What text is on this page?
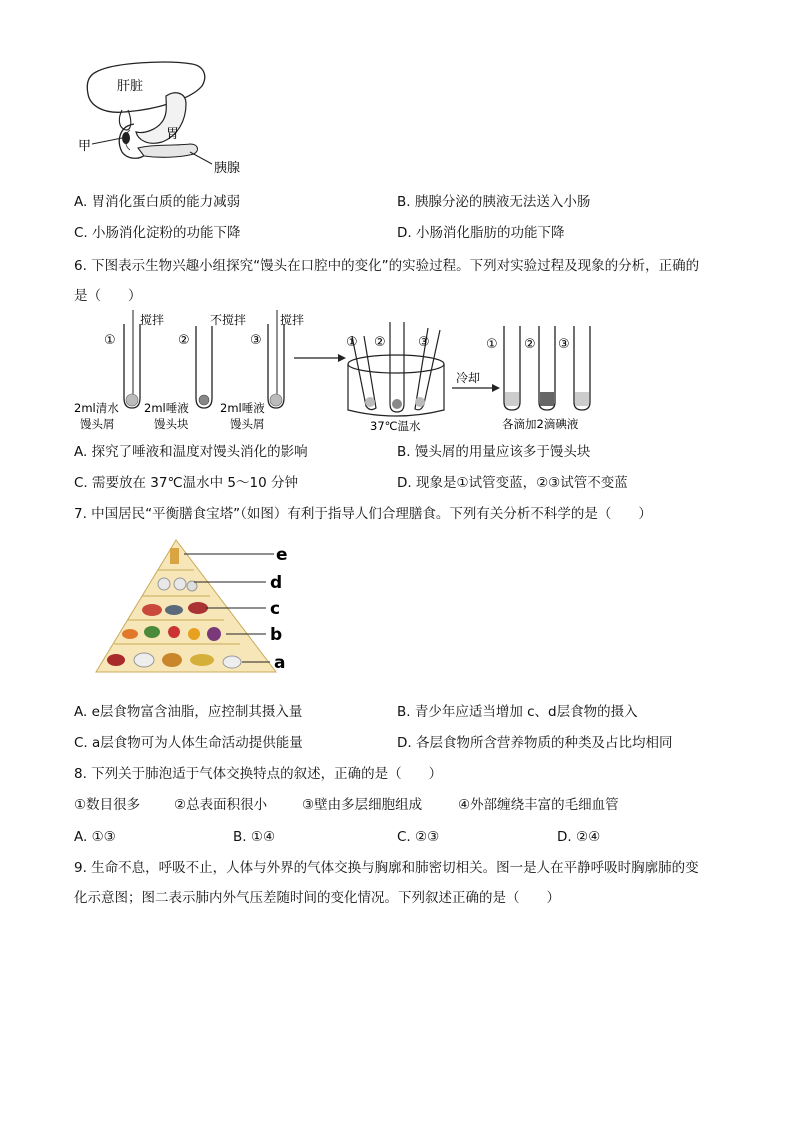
肝脏
甲
胃
胰腺
A. 胃消化蛋白质的能力减弱	B. 胰腺分泌的胰液无法送入小肠
C. 小肠消化淀粉的功能下降	D. 小肠消化脂肪的功能下降
6. 下图表示生物兴趣小组探究“馒头在口腔中的变化”的实验过程。下列对实验过程及现象的分析，正确的
是（　　）
①
搅拌
②
不搅拌
③
搅拌
2ml清水
馒头屑
2ml唾液
馒头块
2ml唾液
馒头屑
① ② ③
37℃温水
冷却
① ② ③
各滴加2滴碘液
A. 探究了唾液和温度对馒头消化的影响	B. 馒头屑的用量应该多于馒头块
C. 需要放在 37℃温水中 5～10 分钟	D. 现象是①试管变蓝，②③试管不变蓝
7. 中国居民“平衡膳食宝塔”（如图）有利于指导人们合理膳食。下列有关分析不科学的是（　　）
e
d
c
b
a
A. e层食物富含油脂，应控制其摄入量	B. 青少年应适当增加 c、d层食物的摄入
C. a层食物可为人体生命活动提供能量	D. 各层食物所含营养物质的种类及占比均相同
8. 下列关于肺泡适于气体交换特点的叙述，正确的是（　　）
①数目很多	②总表面积很小	③壁由多层细胞组成	④外部缠绕丰富的毛细血管
A. ①③	B. ①④	C. ②③	D. ②④
9. 生命不息，呼吸不止，人体与外界的气体交换与胸廓和肺密切相关。图一是人在平静呼吸时胸廓肺的变
化示意图；图二表示肺内外气压差随时间的变化情况。下列叙述正确的是（　　）
